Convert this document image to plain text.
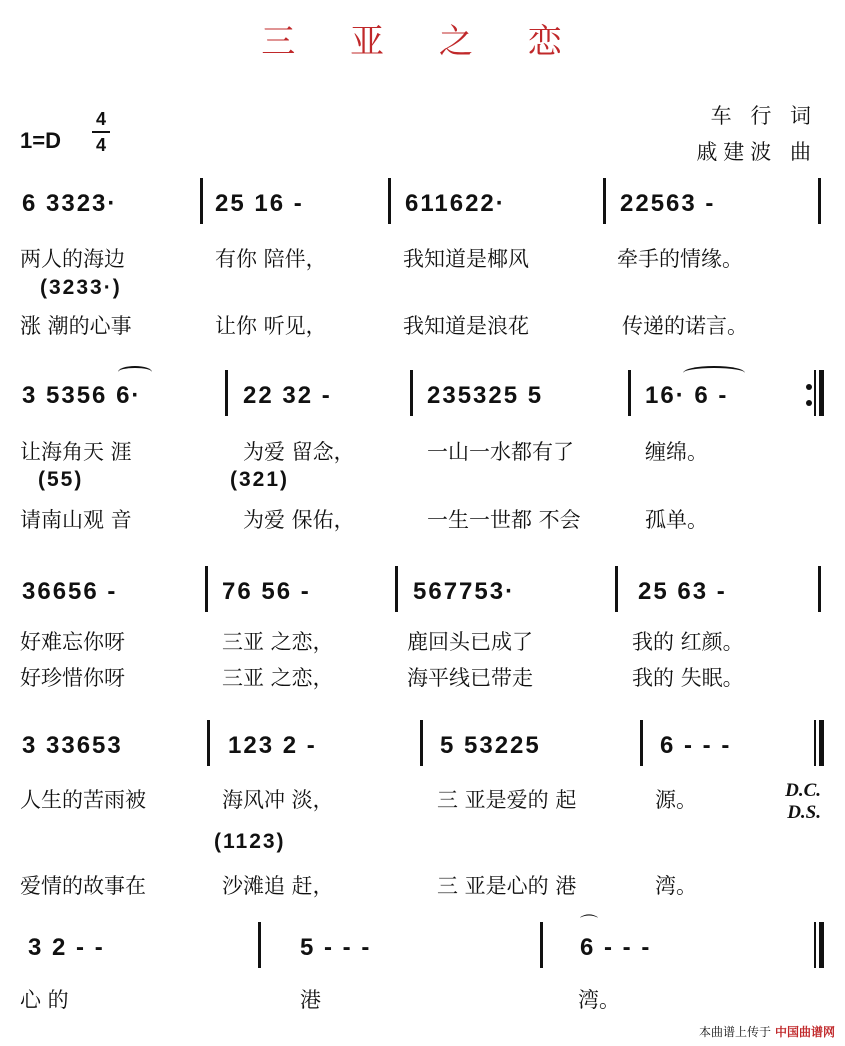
三 亚 之 恋
1=D
4
4
车 行 词
戚建波 曲
6 3323·	25 16 -	611622·	22563 -
两人的海边	有你 陪伴，	我知道是椰风	牵手的情缘。
(3233·)
涨 潮的心事	让你 听见，	我知道是浪花	传递的诺言。
3 5356 6·	22 32 -	235325 5	16· 6 -
让海角天 涯	为爱 留念，	一山一水都有了	缠绵。
(55)	(321)
请南山观 音	为爱 保佑，	一生一世都 不会	孤单。
36656 -	76 56 -	567753·	25 63 -
好难忘你呀	三亚 之恋，	鹿回头已成了	我的 红颜。
好珍惜你呀	三亚 之恋，	海平线已带走	我的 失眠。
3 33653	123 2 -	5 53225	6 - - -
人生的苦雨被	海风冲 淡，	三 亚是爱的 起	源。	D.C.
D.S.
(1123)
爱情的故事在	沙滩追 赶，	三 亚是心的 港	湾。
⌒
3 2 - -	5 - - -	6 - - -
心 的	港	湾。
本曲谱上传于 中国曲谱网
